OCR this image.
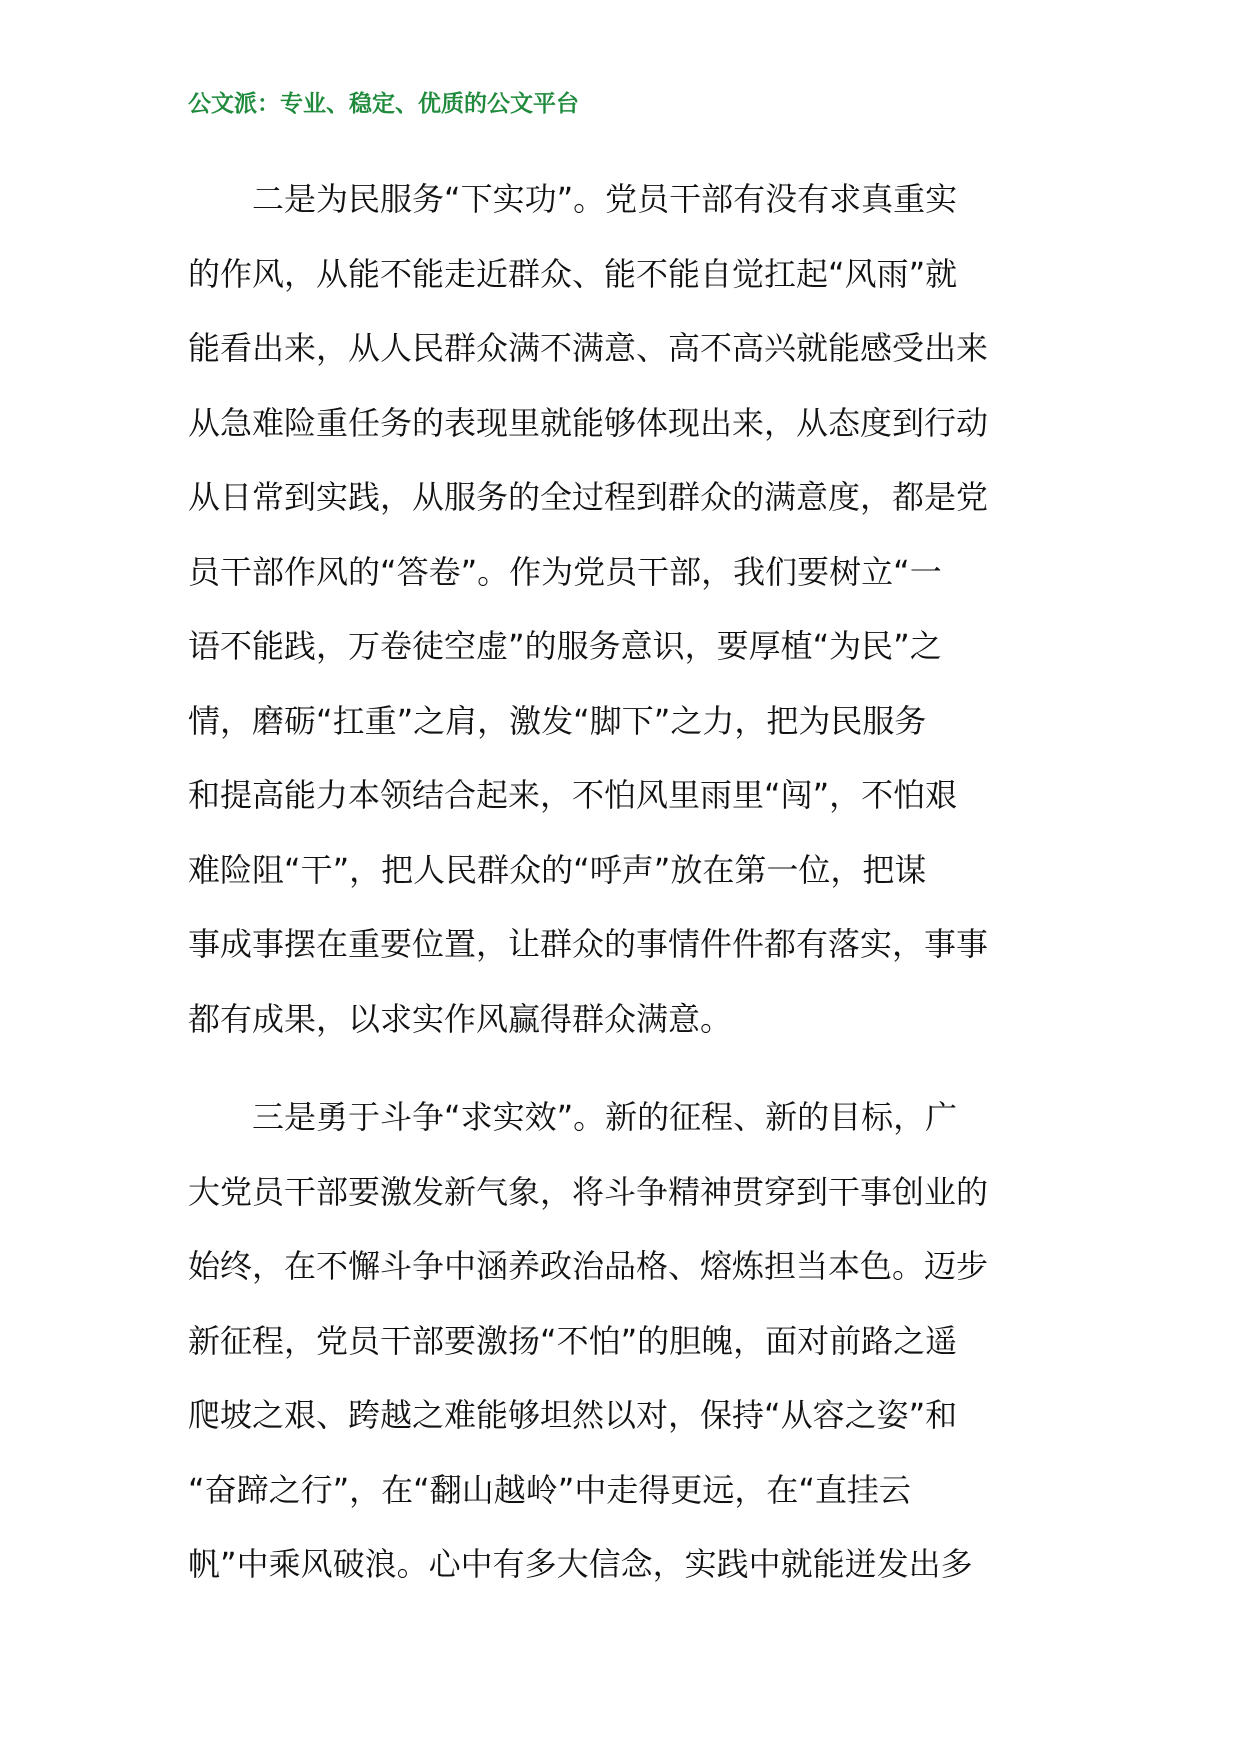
公文派：专业、稳定、优质的公文平台
　　二是为民服务“下实功”。党员干部有没有求真重实
的作风，从能不能走近群众、能不能自觉扛起“风雨”就
能看出来，从人民群众满不满意、高不高兴就能感受出来
从急难险重任务的表现里就能够体现出来，从态度到行动
从日常到实践，从服务的全过程到群众的满意度，都是党
员干部作风的“答卷”。作为党员干部，我们要树立“一
语不能践，万卷徒空虚”的服务意识，要厚植“为民”之
情，磨砺“扛重”之肩，激发“脚下”之力，把为民服务
和提高能力本领结合起来，不怕风里雨里“闯”，不怕艰
难险阻“干”，把人民群众的“呼声”放在第一位，把谋
事成事摆在重要位置，让群众的事情件件都有落实，事事
都有成果，以求实作风赢得群众满意。
　　三是勇于斗争“求实效”。新的征程、新的目标，广
大党员干部要激发新气象，将斗争精神贯穿到干事创业的
始终，在不懈斗争中涵养政治品格、熔炼担当本色。迈步
新征程，党员干部要激扬“不怕”的胆魄，面对前路之遥
爬坡之艰、跨越之难能够坦然以对，保持“从容之姿”和
“奋蹄之行”，在“翻山越岭”中走得更远，在“直挂云
帆”中乘风破浪。心中有多大信念，实践中就能迸发出多
